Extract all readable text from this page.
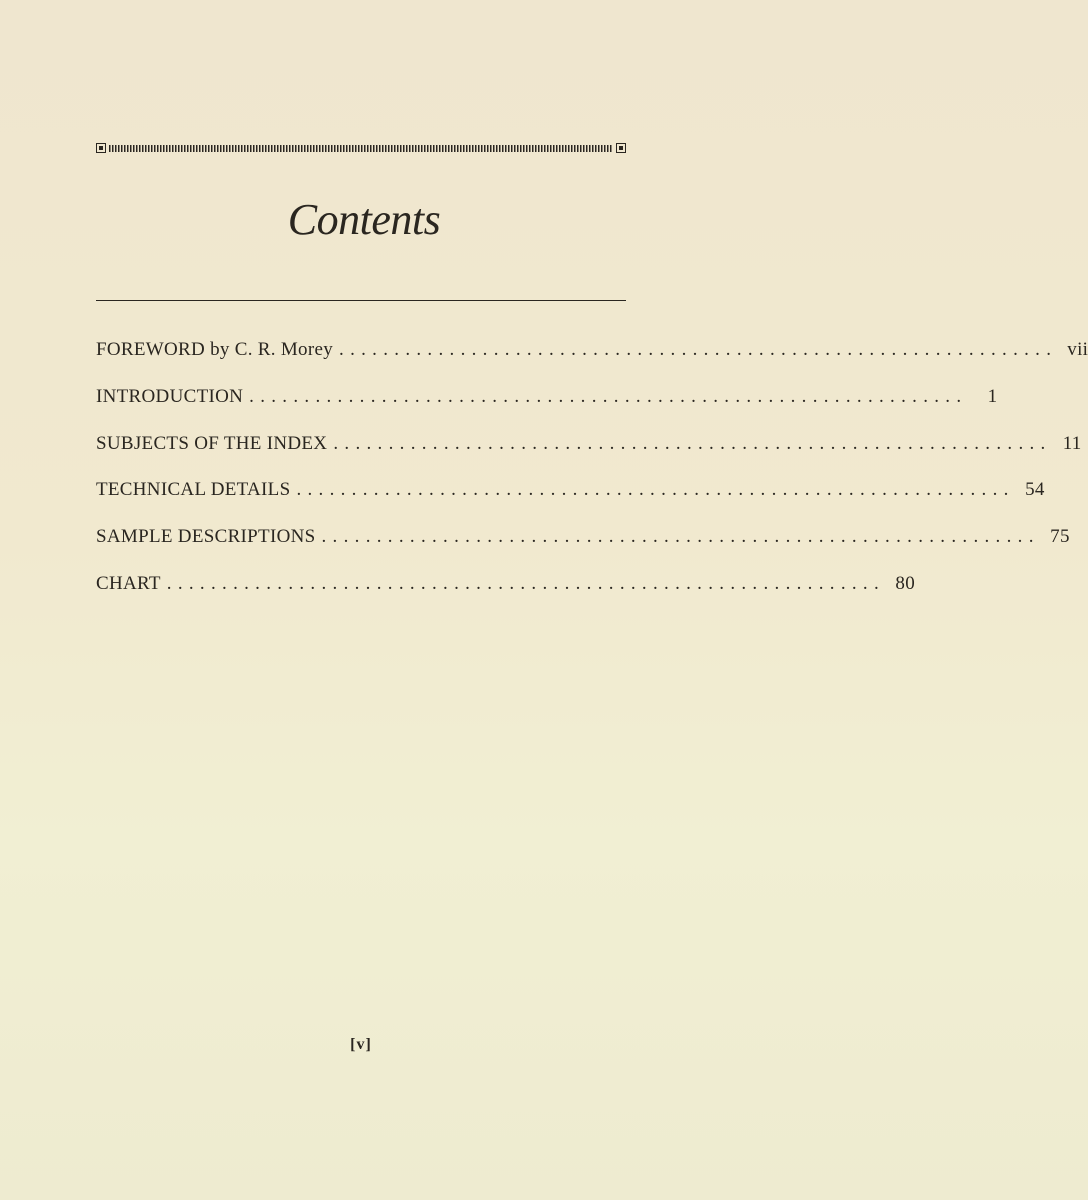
Contents
FOREWORD by C. R. Morey ................................................................. vii
INTRODUCTION .................................................................	1
SUBJECTS OF THE INDEX ................................................................. 11
TECHNICAL DETAILS ................................................................. 54
SAMPLE DESCRIPTIONS ................................................................. 75
CHART ................................................................. 80
[v]
